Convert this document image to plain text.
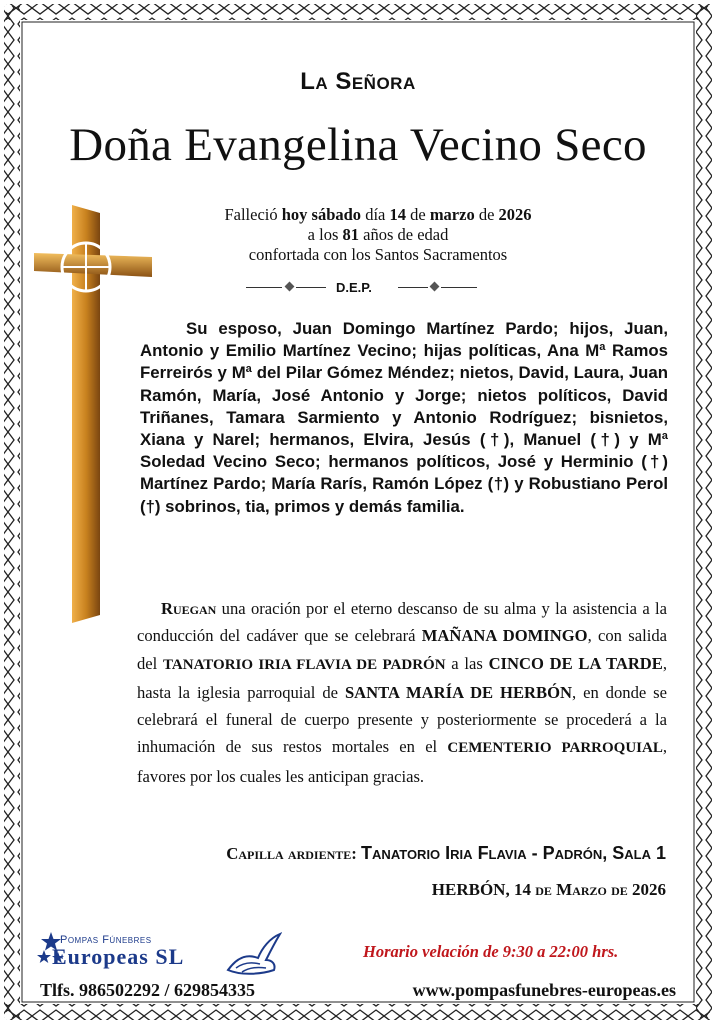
La Señora
Doña Evangelina Vecino Seco
Falleció hoy sábado día 14 de marzo de 2026
a los 81 años de edad
confortada con los Santos Sacramentos
D.E.P.
Su esposo, Juan Domingo Martínez Pardo; hijos, Juan, Antonio y Emilio Martínez Vecino; hijas políticas, Ana Mª Ramos Ferreirós y Mª del Pilar Gómez Méndez; nietos, David, Laura, Juan Ramón, María, José Antonio y Jorge; nietos políticos, David Triñanes, Tamara Sarmiento y Antonio Rodríguez; bisnietos, Xiana y Narel; hermanos, Elvira, Jesús (†), Manuel (†) y Mª Soledad Vecino Seco; hermanos políticos, José y Herminio (†) Martínez Pardo; María Rarís, Ramón López (†) y Robustiano Perol (†) sobrinos, tia, primos y demás familia.
Ruegan una oración por el eterno descanso de su alma y la asistencia a la conducción del cadáver que se celebrará MAÑANA DOMINGO, con salida del TANATORIO IRIA FLAVIA DE PADRÓN a las CINCO DE LA TARDE, hasta la iglesia parroquial de SANTA MARÍA DE HERBÓN, en donde se celebrará el funeral de cuerpo presente y posteriormente se procederá a la inhumación de sus restos mortales en el CEMENTERIO PARROQUIAL, favores por los cuales les anticipan gracias.
Capilla ardiente: Tanatorio Iria Flavia - Padrón, Sala 1
HERBÓN, 14 de Marzo de 2026
Pompas Fúnebres
Europeas SL	Horario velación de 9:30 a 22:00 hrs.
Tlfs. 986502292 / 629854335	www.pompasfunebres-europeas.es
